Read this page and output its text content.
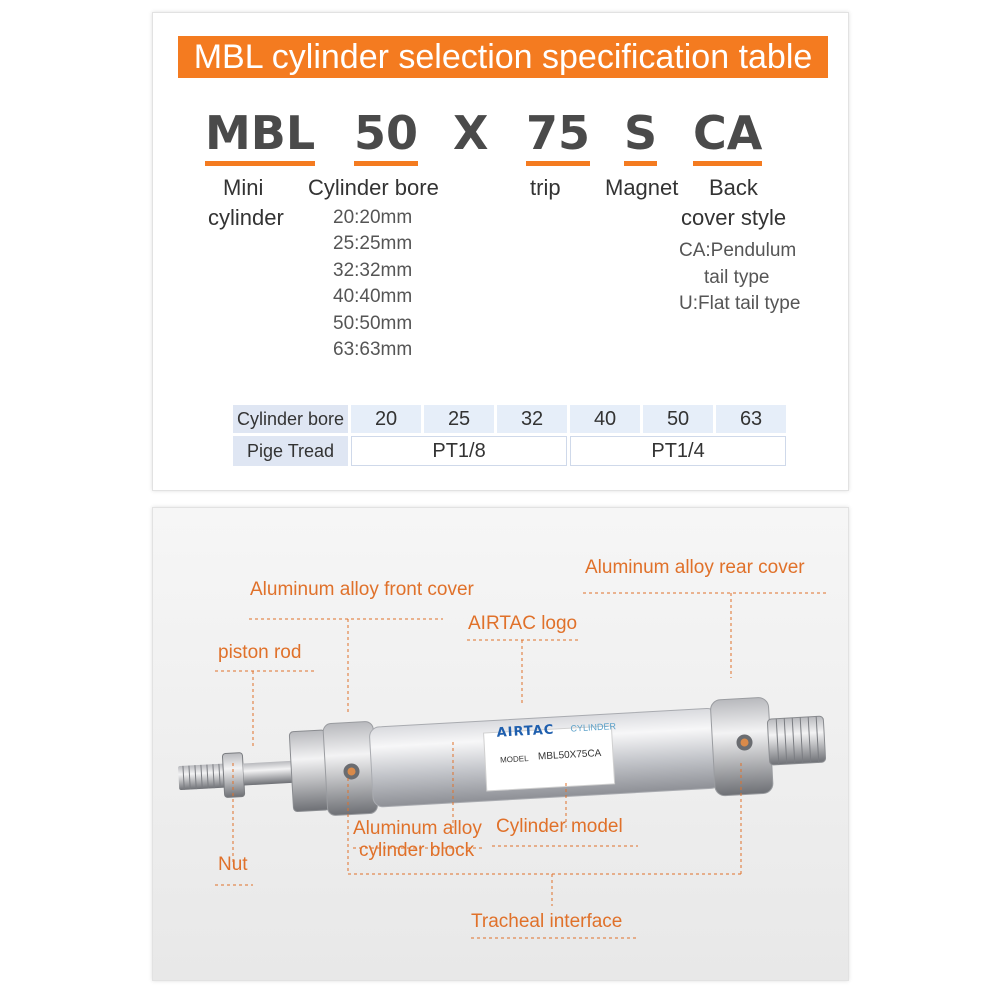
MBL cylinder selection specification table
MBL 50 X 75 S CA
Mini
cylinder
Cylinder bore	trip Magnet Back
cover style
20:20mm
25:25mm
32:32mm
40:40mm
50:50mm
63:63mm
CA:Pendulum
tail type
U:Flat tail type
Cylinder bore	20	25	32	40	50	63
Pige Tread	PT1/8			PT1/4		
AIRTAC CYLINDER
MODEL MBL50X75CA
Aluminum alloy front cover
Aluminum alloy rear cover
AIRTAC logo
piston rod
Aluminum alloy
cylinder block
Cylinder model
Nut
Tracheal interface
